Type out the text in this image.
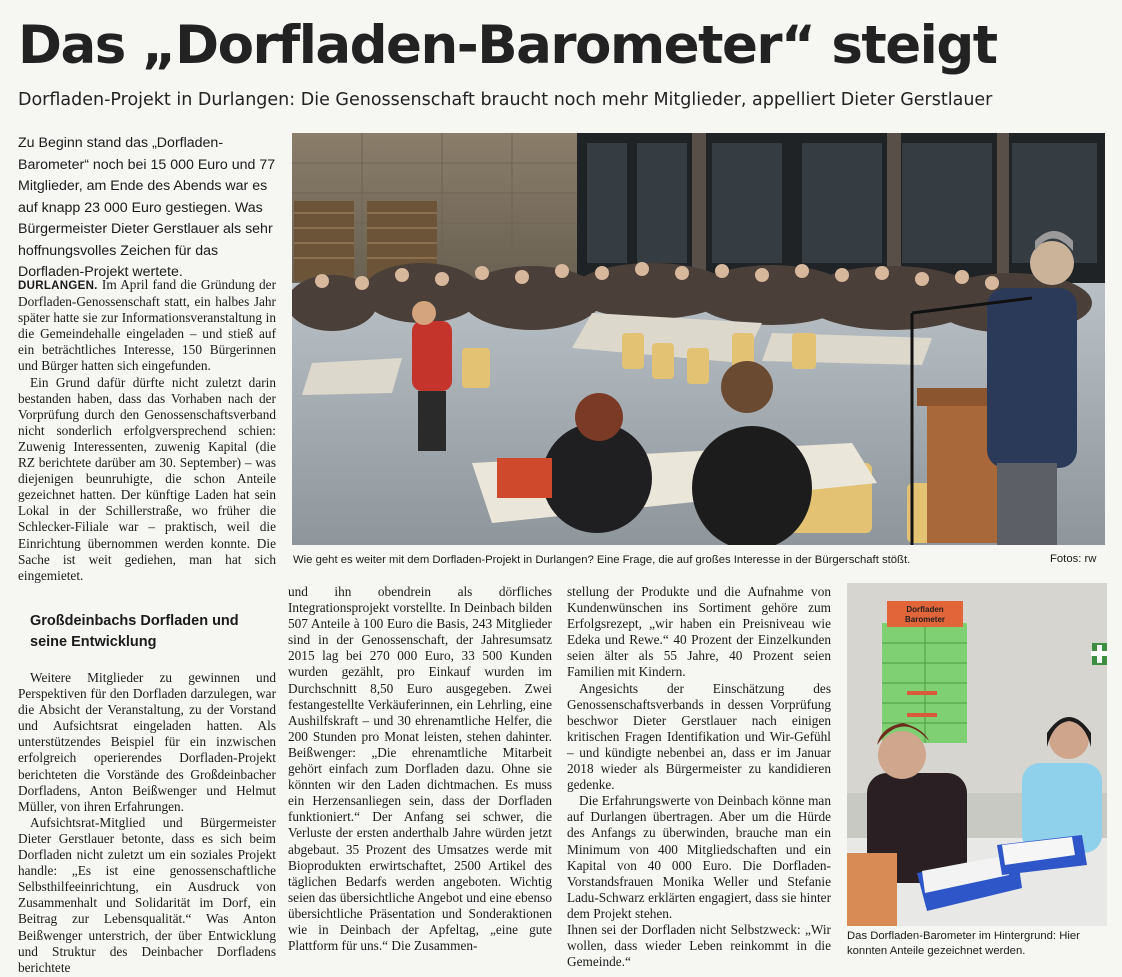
Das „Dorfladen-Barometer“ steigt
Dorfladen-Projekt in Durlangen: Die Genossenschaft braucht noch mehr Mitglieder, appelliert Dieter Gerstlauer

Zu Beginn stand das „Dorfladen-Barometer“ noch bei 15 000 Euro und 77 Mitglieder, am Ende des Abends war es auf knapp 23 000 Euro gestiegen. Was Bürgermeister Dieter Gerstlauer als sehr hoffnungsvolles Zeichen für das Dorfladen-Projekt wertete.

DURLANGEN. Im April fand die Gründung der Dorfladen-Genossenschaft statt, ein halbes Jahr später hatte sie zur Informationsveranstaltung in die Gemeindehalle eingeladen – und stieß auf ein beträchtliches Interesse, 150 Bürgerinnen und Bürger hatten sich eingefunden.

Ein Grund dafür dürfte nicht zuletzt darin bestanden haben, dass das Vorhaben nach der Vorprüfung durch den Genossenschaftsverband nicht sonderlich erfolgversprechend schien: Zuwenig Interessenten, zuwenig Kapital (die RZ berichtete darüber am 30. September) – was diejenigen beunruhigte, die schon Anteile gezeichnet hatten. Der künftige Laden hat sein Lokal in der Schillerstraße, wo früher die Schlecker-Filiale war – praktisch, weil die Einrichtung übernommen werden konnte. Die Sache ist weit gediehen, man hat sich eingemietet.

Großdeinbachs Dorfladen und seine Entwicklung

Weitere Mitglieder zu gewinnen und Perspektiven für den Dorfladen darzulegen, war die Absicht der Veranstaltung, zu der Vorstand und Aufsichtsrat eingeladen hatten. Als unterstützendes Beispiel für ein inzwischen erfolgreich operierendes Dorfladen-Projekt berichteten die Vorstände des Großdeinbacher Dorfladens, Anton Beißwenger und Helmut Müller, von ihren Erfahrungen.

Aufsichtsrat-Mitglied und Bürgermeister Dieter Gerstlauer betonte, dass es sich beim Dorfladen nicht zuletzt um ein soziales Projekt handle: „Es ist eine genossenschaftliche Selbsthilfeeinrichtung, ein Ausdruck von Zusammenhalt und Solidarität im Dorf, ein Beitrag zur Lebensqualität.“ Was Anton Beißwenger unterstrich, der über Entwicklung und Struktur des Deinbacher Dorfladens berichtete

und ihn obendrein als dörfliches Integrationsprojekt vorstellte. In Deinbach bilden 507 Anteile à 100 Euro die Basis, 243 Mitglieder sind in der Genossenschaft, der Jahresumsatz 2015 lag bei 270 000 Euro, 33 500 Kunden wurden gezählt, pro Einkauf wurden im Durchschnitt 8,50 Euro ausgegeben. Zwei festangestellte Verkäuferinnen, ein Lehrling, eine Aushilfskraft – und 30 ehrenamtliche Helfer, die 200 Stunden pro Monat leisten, stehen dahinter. Beißwenger: „Die ehrenamtliche Mitarbeit gehört einfach zum Dorfladen dazu. Ohne sie könnten wir den Laden dichtmachen. Es muss ein Herzensanliegen sein, dass der Dorfladen funktioniert.“ Der Anfang sei schwer, die Verluste der ersten anderthalb Jahre würden jetzt abgebaut. 35 Prozent des Umsatzes werde mit Bioprodukten erwirtschaftet, 2500 Artikel des täglichen Bedarfs werden angeboten. Wichtig seien das übersichtliche Angebot und eine ebenso übersichtliche Präsentation und Sonderaktionen wie in Deinbach der Apfeltag, „eine gute Plattform für uns.“ Die Zusammen-

stellung der Produkte und die Aufnahme von Kundenwünschen ins Sortiment gehöre zum Erfolgsrezept, „wir haben ein Preisniveau wie Edeka und Rewe.“ 40 Prozent der Einzelkunden seien älter als 55 Jahre, 40 Prozent seien Familien mit Kindern.

Angesichts der Einschätzung des Genossenschaftsverbands in dessen Vorprüfung beschwor Dieter Gerstlauer nach einigen kritischen Fragen Identifikation und Wir-Gefühl – und kündigte nebenbei an, dass er im Januar 2018 wieder als Bürgermeister zu kandidieren gedenke.

Die Erfahrungswerte von Deinbach könne man auf Durlangen übertragen. Aber um die Hürde des Anfangs zu überwinden, brauche man ein Minimum von 400 Mitgliedschaften und ein Kapital von 40 000 Euro. Die Dorfladen-Vorstandsfrauen Monika Weller und Stefanie Ladu-Schwarz erklärten engagiert, dass sie hinter dem Projekt stehen.

Ihnen sei der Dorfladen nicht Selbstzweck: „Wir wollen, dass wieder Leben reinkommt in die Gemeinde.“

Wie geht es weiter mit dem Dorfladen-Projekt in Durlangen? Eine Frage, die auf großes Interesse in der Bürgerschaft stößt.	Fotos: rw
Dorfladen
Barometer
Das Dorfladen-Barometer im Hintergrund: Hier konnten Anteile gezeichnet werden.
